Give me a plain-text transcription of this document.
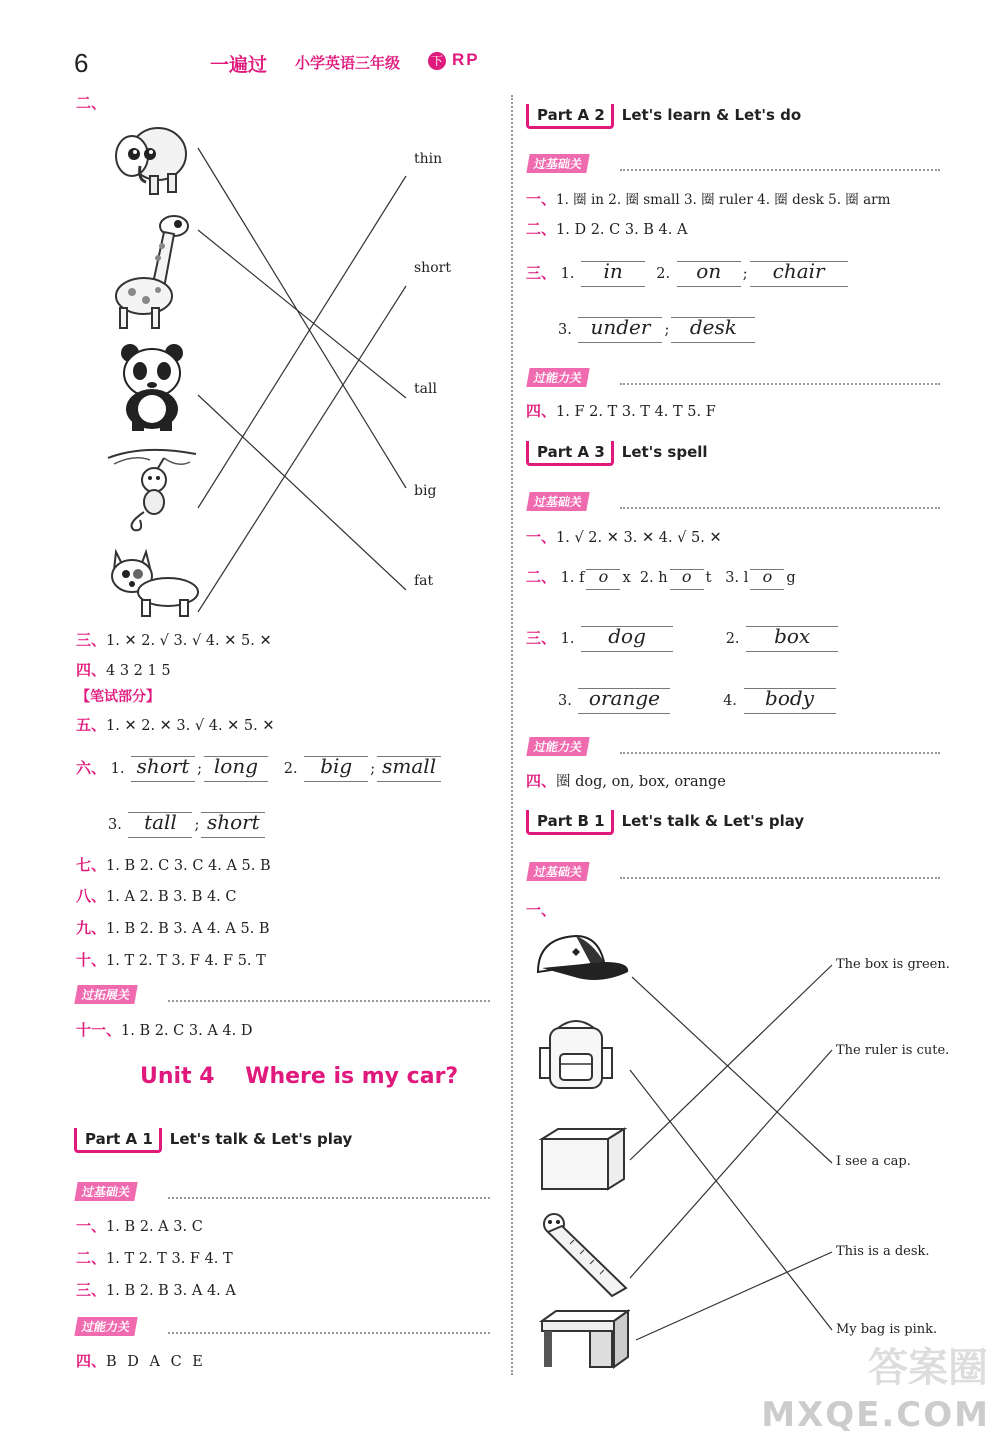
6	一遍过 小学英语三年级	下 RP
二、
thin
short
tall
big
fat
三、1. ✕ 2. √ 3. √ 4. ✕ 5. ✕
四、4 3 2 1 5
【笔试部分】
五、1. ✕ 2. ✕ 3. √ 4. ✕ 5. ✕
六、 1. short ; long 2. big ; small
3. tall ; short
七、1. B 2. C 3. C 4. A 5. B
八、1. A 2. B 3. B 4. C
九、1. B 2. B 3. A 4. A 5. B
十、1. T 2. T 3. F 4. F 5. T
过拓展关
十一、1. B 2. C 3. A 4. D
Unit 4    Where is my car?
Part A 1 Let's talk & Let's play
过基础关
一、1. B 2. A 3. C
二、1. T 2. T 3. F 4. T
三、1. B 2. B 3. A 4. A
过能力关
四、B D A C E
Part A 2 Let's learn & Let's do
过基础关
一、1. 圈 in 2. 圈 small 3. 圈 ruler 4. 圈 desk 5. 圈 arm
二、1. D 2. C 3. B 4. A
三、 1. in 2. on ; chair
3. under ; desk
过能力关
四、1. F 2. T 3. T 4. T 5. F
Part A 3 Let's spell
过基础关
一、1. √ 2. ✕ 3. ✕ 4. √ 5. ✕
二、 1. f o x 2. h o t 3. l o g
三、 1. dog	2. box
3. orange	4. body
过能力关
四、圈 dog, on, box, orange
Part B 1 Let's talk & Let's play
过基础关
一、
The box is green.
The ruler is cute.
I see a cap.
This is a desk.
My bag is pink.
答案圈
MXQE.COM
